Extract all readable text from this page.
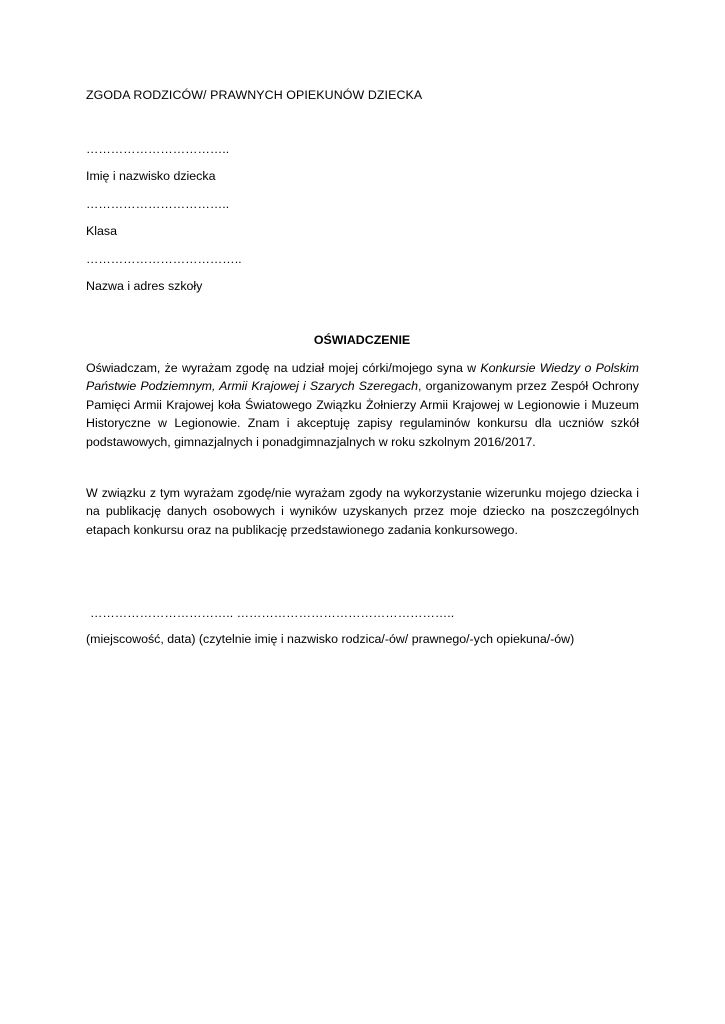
ZGODA RODZICÓW/ PRAWNYCH OPIEKUNÓW DZIECKA
……………………………..
Imię i nazwisko dziecka
……………………………..
Klasa
………………………………..
Nazwa i adres szkoły
OŚWIADCZENIE

Oświadczam, że wyrażam zgodę na udział mojej córki/mojego syna w Konkursie Wiedzy o Polskim Państwie Podziemnym, Armii Krajowej i Szarych Szeregach, organizowanym przez Zespół Ochrony Pamięci Armii Krajowej koła Światowego Związku Żołnierzy Armii Krajowej w Legionowie i Muzeum Historyczne w Legionowie. Znam i akceptuję zapisy regulaminów konkursu dla uczniów szkół podstawowych, gimnazjalnych i ponadgimnazjalnych w roku szkolnym 2016/2017.

W związku z tym wyrażam zgodę/nie wyrażam zgody na wykorzystanie wizerunku mojego dziecka i na publikację danych osobowych i wyników uzyskanych przez moje dziecko na poszczególnych etapach konkursu oraz na publikację przedstawionego zadania konkursowego.

…………………………….. ……………………………………………..
(miejscowość, data) (czytelnie imię i nazwisko rodzica/-ów/ prawnego/-ych opiekuna/-ów)
